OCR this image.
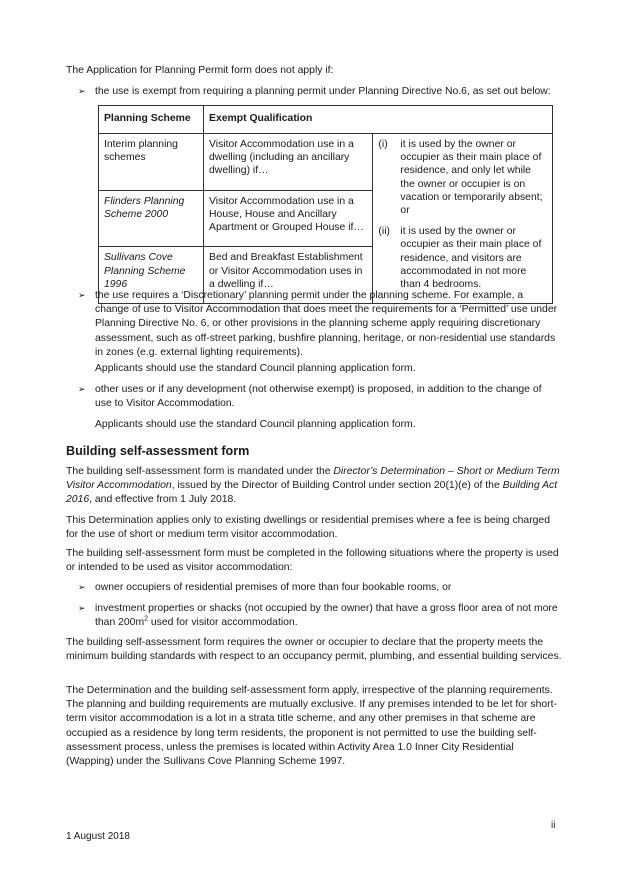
The Application for Planning Permit form does not apply if:

➢ the use is exempt from requiring a planning permit under Planning Directive No.6, as set out below:

Planning Scheme	Exempt Qualification	
Interim planning schemes	Visitor Accommodation use in a dwelling (including an ancillary dwelling) if…	(i) it is used by the owner or occupier as their main place of residence, and only let while the owner or occupier is on vacation or temporarily absent; or
(ii) it is used by the owner or occupier as their main place of residence, and visitors are accommodated in not more than 4 bedrooms.

Flinders Planning Scheme 2000	Visitor Accommodation use in a House, House and Ancillary Apartment or Grouped House if…	
Sullivans Cove Planning Scheme 1996	Bed and Breakfast Establishment or Visitor Accommodation uses in a dwelling if…	
➢ the use requires a ‘Discretionary’ planning permit under the planning scheme. For example, a change of use to Visitor Accommodation that does meet the requirements for a ‘Permitted’ use under Planning Directive No. 6, or other provisions in the planning scheme apply requiring discretionary assessment, such as off-street parking, bushfire planning, heritage, or non-residential use standards in zones (e.g. external lighting requirements).

Applicants should use the standard Council planning application form.

➢ other uses or if any development (not otherwise exempt) is proposed, in addition to the change of use to Visitor Accommodation.

Applicants should use the standard Council planning application form.

Building self-assessment form

The building self-assessment form is mandated under the Director’s Determination – Short or Medium Term Visitor Accommodation, issued by the Director of Building Control under section 20(1)(e) of the Building Act 2016, and effective from 1 July 2018.

This Determination applies only to existing dwellings or residential premises where a fee is being charged for the use of short or medium term visitor accommodation.

The building self-assessment form must be completed in the following situations where the property is used or intended to be used as visitor accommodation:

➢ owner occupiers of residential premises of more than four bookable rooms, or

➢ investment properties or shacks (not occupied by the owner) that have a gross floor area of not more than $200m^2$ used for visitor accommodation.

The building self-assessment form requires the owner or occupier to declare that the property meets the minimum building standards with respect to an occupancy permit, plumbing, and essential building services.

The Determination and the building self-assessment form apply, irrespective of the planning requirements. The planning and building requirements are mutually exclusive. If any premises intended to be let for short-term visitor accommodation is a lot in a strata title scheme, and any other premises in that scheme are occupied as a residence by long term residents, the proponent is not permitted to use the building self-assessment process, unless the premises is located within Activity Area 1.0 Inner City Residential (Wapping) under the Sullivans Cove Planning Scheme 1997.

1 August 2018
ii
